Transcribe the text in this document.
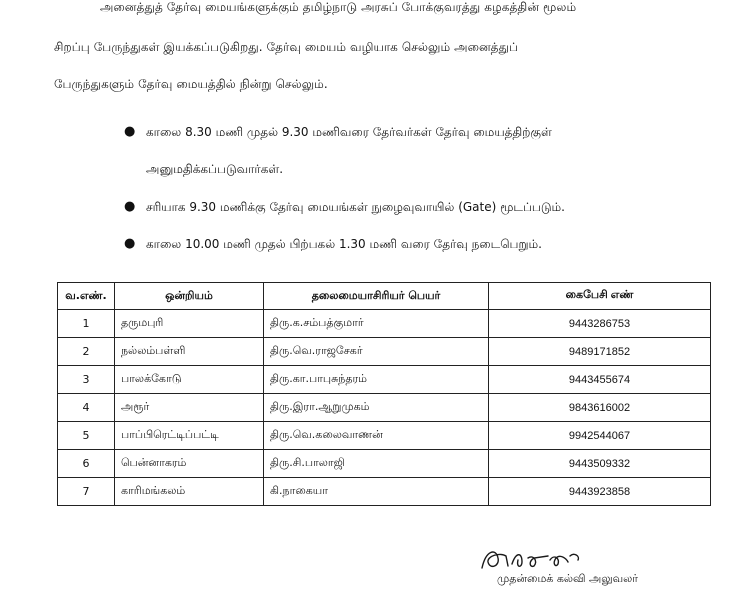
அனைத்துத் தேர்வு மையங்களுக்கும் தமிழ்நாடு அரசுப் போக்குவரத்து கழகத்தின் மூலம்
சிறப்பு பேருந்துகள் இயக்கப்படுகிறது. தேர்வு மையம் வழியாக செல்லும் அனைத்துப்
பேருந்துகளும் தேர்வு மையத்தில் நின்று செல்லும்.
● காலை 8.30 மணி முதல் 9.30 மணிவரை தேர்வர்கள் தேர்வு மையத்திற்குள்
அனுமதிக்கப்படுவார்கள்.
● சரியாக 9.30 மணிக்கு தேர்வு மையங்கள் நுழைவுவாயில் (Gate) மூடப்படும்.
● காலை 10.00 மணி முதல் பிற்பகல் 1.30 மணி வரை தேர்வு நடைபெறும்.
வ.எண்.	ஒன்றியம்	தலைமையாசிரியர் பெயர்	கைபேசி எண்
1	தருமபுரி	திரு.க.சம்பத்குமார்	9443286753
2	நல்லம்பள்ளி	திரு.வெ.ராஜசேகர்	9489171852
3	பாலக்கோடு	திரு.கா.பாபுசுந்தரம்	9443455674
4	அரூர்	திரு.இரா.ஆறுமுகம்	9843616002
5	பாப்பிரெட்டிப்பட்டி	திரு.வெ.கலைவாணன்	9942544067
6	பென்னாகரம்	திரு.சி.பாலாஜி	9443509332
7	காரிமங்கலம்	கி.நாகையா	9443923858
முதன்மைக் கல்வி அலுவலர்
